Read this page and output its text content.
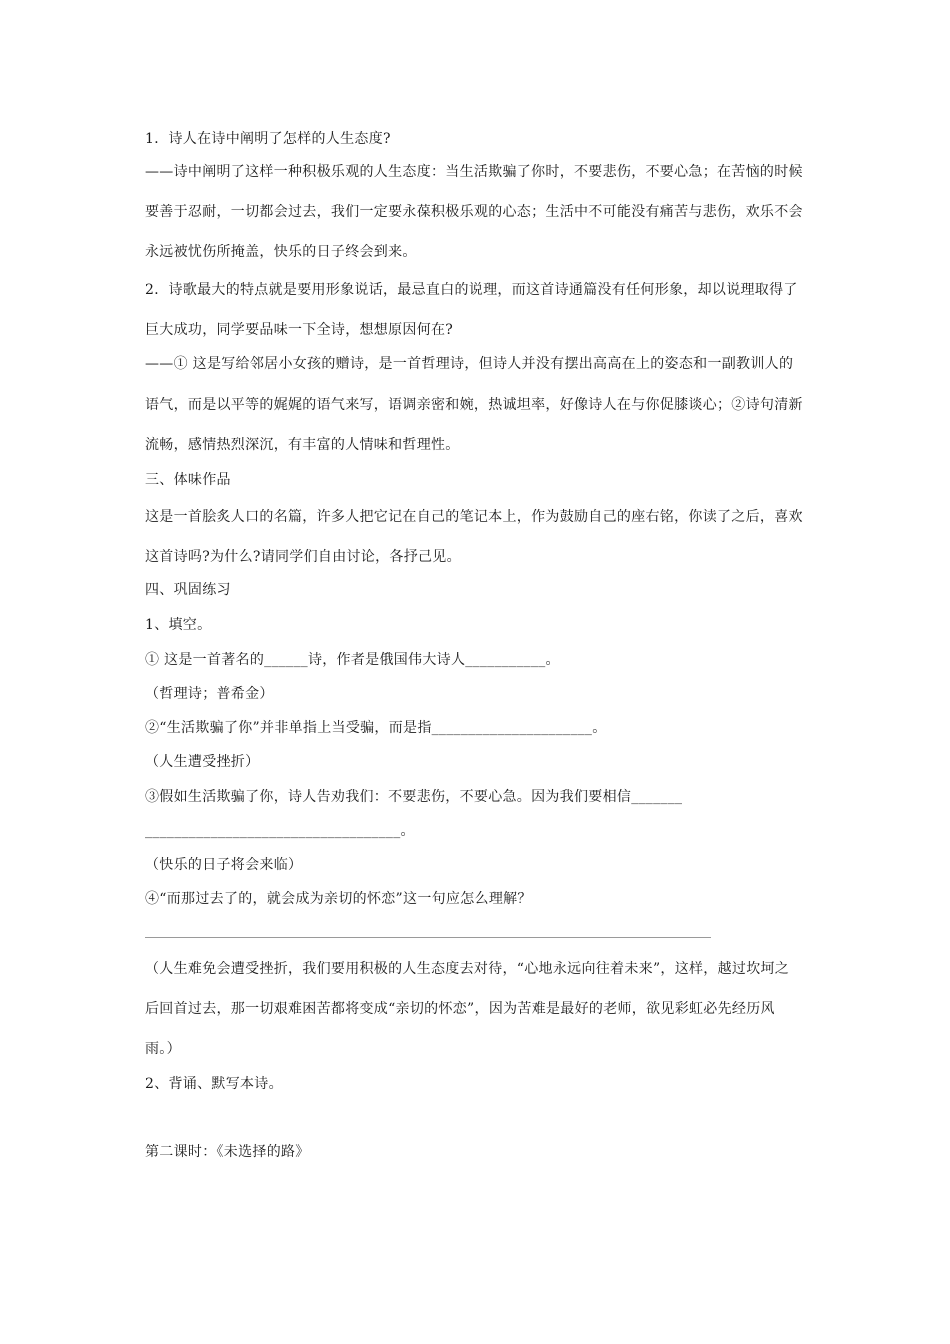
1．诗人在诗中阐明了怎样的人生态度?
——诗中阐明了这样一种积极乐观的人生态度：当生活欺骗了你时，不要悲伤，不要心急；在苦恼的时候
要善于忍耐，一切都会过去，我们一定要永葆积极乐观的心态；生活中不可能没有痛苦与悲伤，欢乐不会
永远被忧伤所掩盖，快乐的日子终会到来。
2．诗歌最大的特点就是要用形象说话，最忌直白的说理，而这首诗通篇没有任何形象，却以说理取得了
巨大成功，同学要品味一下全诗，想想原因何在?
——① 这是写给邻居小女孩的赠诗，是一首哲理诗，但诗人并没有摆出高高在上的姿态和一副教训人的
语气，而是以平等的娓娓的语气来写，语调亲密和婉，热诚坦率，好像诗人在与你促膝谈心；②诗句清新
流畅，感情热烈深沉，有丰富的人情味和哲理性。
三、体味作品
这是一首脍炙人口的名篇，许多人把它记在自己的笔记本上，作为鼓励自己的座右铭，你读了之后，喜欢
这首诗吗?为什么?请同学们自由讨论，各抒己见。
四、巩固练习
1、填空。
① 这是一首著名的______诗，作者是俄国伟大诗人___________。
（哲理诗；普希金）
②“生活欺骗了你”并非单指上当受骗，而是指______________________。
（人生遭受挫折）
③假如生活欺骗了你，诗人告劝我们：不要悲伤，不要心急。因为我们要相信_______
___________________________________。
（快乐的日子将会来临）
④“而那过去了的，就会成为亲切的怀恋”这一句应怎么理解？
（人生难免会遭受挫折，我们要用积极的人生态度去对待，“心地永远向往着未来”，这样，越过坎坷之
后回首过去，那一切艰难困苦都将变成“亲切的怀恋”，因为苦难是最好的老师，欲见彩虹必先经历风
雨。）
2、背诵、默写本诗。
第二课时：《未选择的路》
